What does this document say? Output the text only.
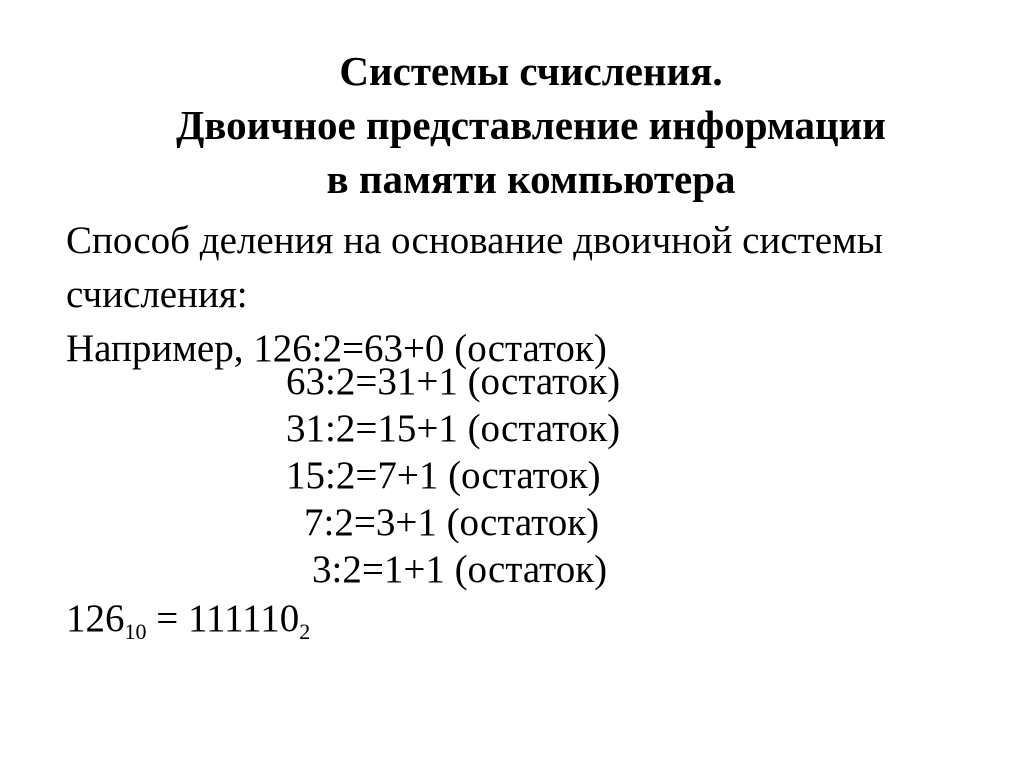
Системы счисления.
Двоичное представление информации
в памяти компьютера
Способ деления на основание двоичной системы
счисления:
Например, 126:2=63+0 (остаток)
63:2=31+1 (остаток)
31:2=15+1 (остаток)
15:2=7+1 (остаток)
7:2=3+1 (остаток)
3:2=1+1 (остаток)
$126_{10} = 111110_2$
